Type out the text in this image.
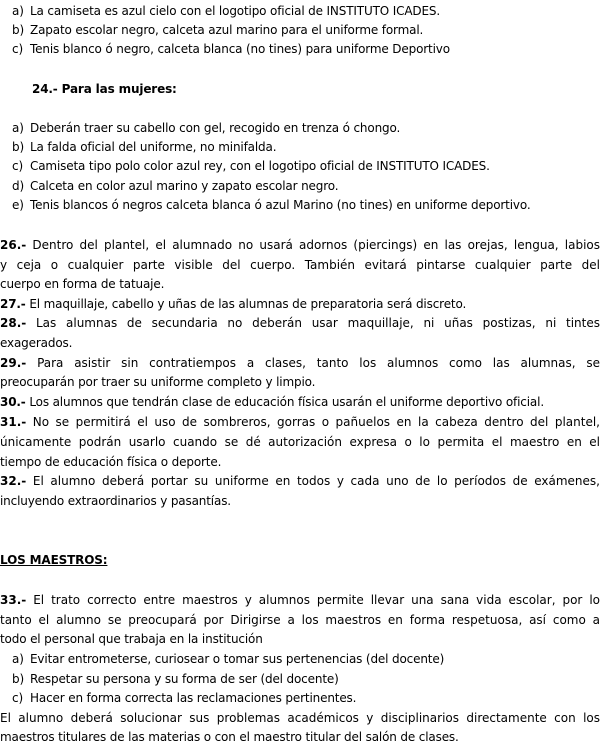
a) La camiseta es azul cielo con el logotipo oficial de INSTITUTO ICADES.
b) Zapato escolar negro, calceta azul marino para el uniforme formal.
c) Tenis blanco ó negro, calceta blanca (no tines) para uniforme Deportivo
24.- Para las mujeres:
a) Deberán traer su cabello con gel, recogido en trenza ó chongo.
b) La falda oficial del uniforme, no minifalda.
c) Camiseta tipo polo color azul rey, con el logotipo oficial de INSTITUTO ICADES.
d) Calceta en color azul marino y zapato escolar negro.
e) Tenis blancos ó negros calceta blanca ó azul Marino (no tines) en uniforme deportivo.
26.- Dentro del plantel, el alumnado no usará adornos (piercings) en las orejas, lengua, labios
y ceja o cualquier parte visible del cuerpo. También evitará pintarse cualquier parte del
cuerpo en forma de tatuaje.
27.- El maquillaje, cabello y uñas de las alumnas de preparatoria será discreto.
28.- Las alumnas de secundaria no deberán usar maquillaje, ni uñas postizas, ni tintes
exagerados.
29.- Para asistir sin contratiempos a clases, tanto los alumnos como las alumnas, se
preocuparán por traer su uniforme completo y limpio.
30.- Los alumnos que tendrán clase de educación física usarán el uniforme deportivo oficial.
31.- No se permitirá el uso de sombreros, gorras o pañuelos en la cabeza dentro del plantel,
únicamente podrán usarlo cuando se dé autorización expresa o lo permita el maestro en el
tiempo de educación física o deporte.
32.- El alumno deberá portar su uniforme en todos y cada uno de lo períodos de exámenes,
incluyendo extraordinarios y pasantías.
LOS MAESTROS:
33.- El trato correcto entre maestros y alumnos permite llevar una sana vida escolar, por lo
tanto el alumno se preocupará por Dirigirse a los maestros en forma respetuosa, así como a
todo el personal que trabaja en la institución
a) Evitar entrometerse, curiosear o tomar sus pertenencias (del docente)
b) Respetar su persona y su forma de ser (del docente)
c) Hacer en forma correcta las reclamaciones pertinentes.
El alumno deberá solucionar sus problemas académicos y disciplinarios directamente con los
maestros titulares de las materias o con el maestro titular del salón de clases.
